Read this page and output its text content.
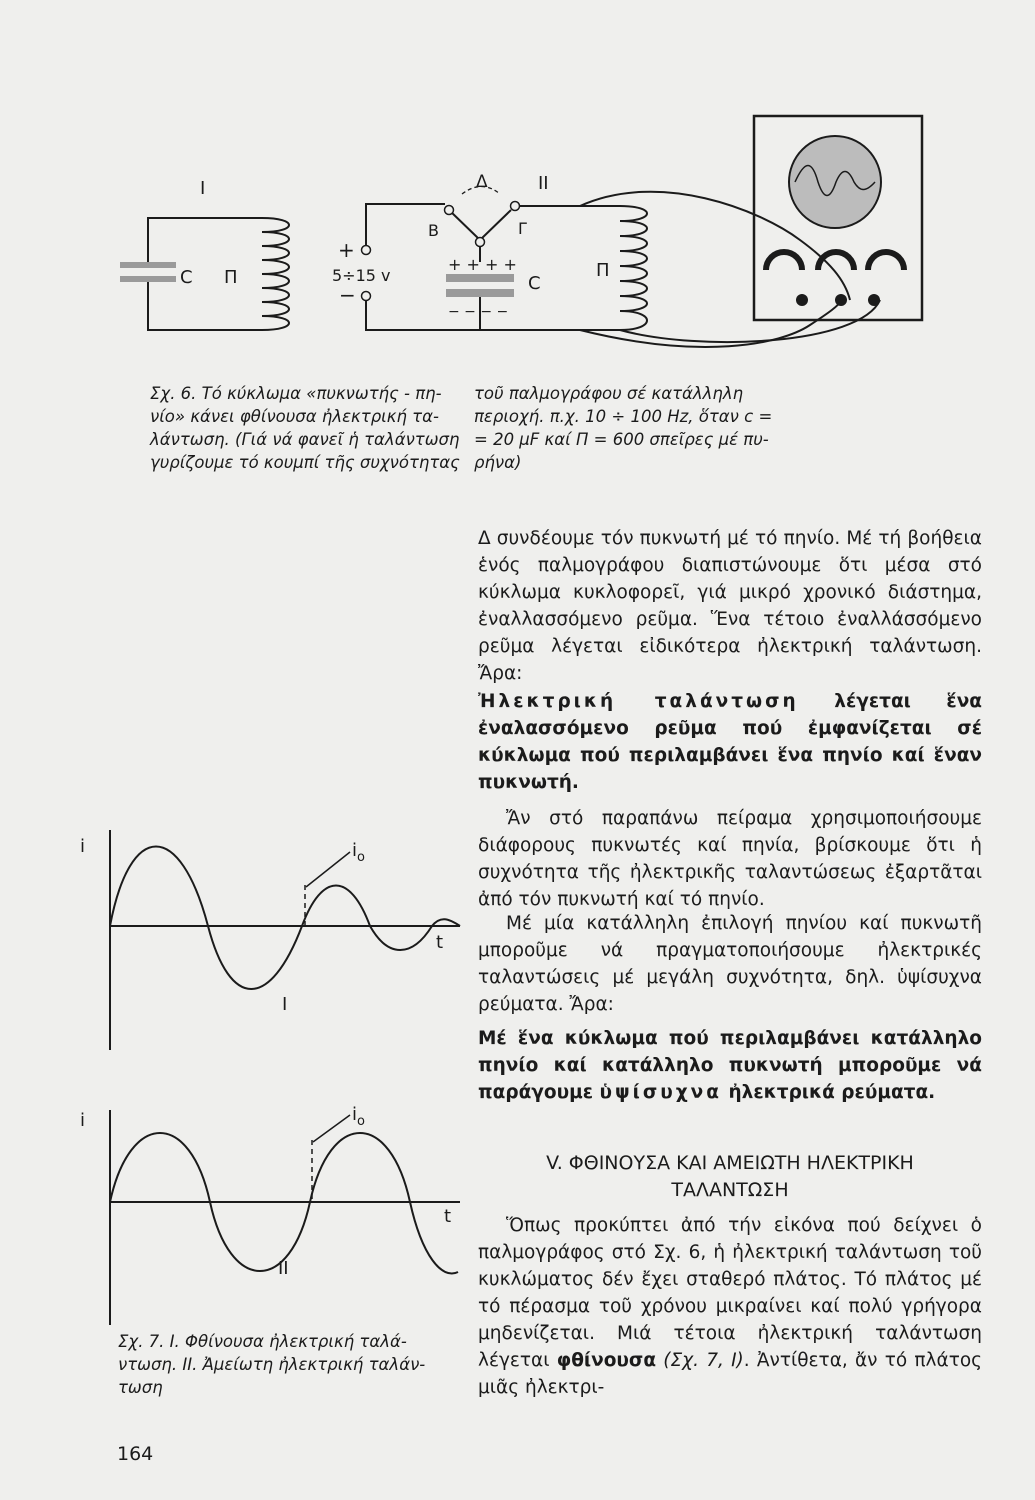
I	II
Δ
C Π
+
5÷15 v
−
B	Γ
+ + + +
− − − −
C
Π
Σχ. 6. Τό κύκλωμα «πυκνωτής - πη-
νίο» κάνει φθίνουσα ἠλεκτρική τα-
λάντωση. (Γιά νά φανεῖ ἡ ταλάντωση
γυρίζουμε τό κουμπί τῆς συχνότητας
τοῦ παλμογράφου σέ κατάλληλη
περιοχή. π.χ. 10 ÷ 100 Hz, ὅταν c =
= 20 μF καί Π = 600 σπεῖρες μέ πυ-
ρήνα)
i	$i_o$
t
I
i	$i_o$
t
II
Σχ. 7. Ι. Φθίνουσα ἠλεκτρική ταλά-
ντωση. ΙΙ. Ἀμείωτη ἠλεκτρική ταλάν-
τωση

Δ συνδέουμε τόν πυκνωτή μέ τό πηνίο. Μέ τή βοήθεια ἑνός παλμογράφου διαπιστώνουμε ὅτι μέσα στό κύκλωμα κυκλοφορεῖ, γιά μικρό χρονικό διάστημα, ἐναλλασσόμενο ρεῦμα. Ἕνα τέτοιο ἐναλλάσσόμενο ρεῦμα λέγεται εἰδικότερα ἠλεκτρική ταλάντωση. Ἄρα:

Ἠλεκτρική ταλάντωση λέγεται ἕνα ἐναλασσόμενο ρεῦμα πού ἐμφανίζεται σέ κύκλωμα πού περιλαμβάνει ἕνα πηνίο καί ἕναν πυκνωτή.

Ἄν στό παραπάνω πείραμα χρησιμοποιήσουμε διάφορους πυκνωτές καί πηνία, βρίσκουμε ὅτι ἡ συχνότητα τῆς ἠλεκτρικῆς ταλαντώσεως ἐξαρτᾶται ἀπό τόν πυκνωτή καί τό πηνίο.

Μέ μία κατάλληλη ἐπιλογή πηνίου καί πυκνωτῆ μποροῦμε νά πραγματοποιήσουμε ἠλεκτρικές ταλαντώσεις μέ μεγάλη συχνότητα, δηλ. ὑψίσυχνα ρεύματα. Ἄρα:

Μέ ἕνα κύκλωμα πού περιλαμβάνει κατάλληλο πηνίο καί κατάλληλο πυκνωτή μποροῦμε νά παράγουμε ὑψίσυχνα ἠλεκτρικά ρεύματα.

V. ΦΘΙΝΟΥΣΑ ΚΑΙ ΑΜΕΙΩΤΗ ΗΛΕΚΤΡΙΚΗ
ΤΑΛΑΝΤΩΣΗ

Ὅπως προκύπτει ἀπό τήν εἰκόνα πού δείχνει ὁ παλμογράφος στό Σχ. 6, ἡ ἠλεκτρική ταλάντωση τοῦ κυκλώματος δέν ἔχει σταθερό πλάτος. Τό πλάτος μέ τό πέρασμα τοῦ χρόνου μικραίνει καί πολύ γρήγορα μηδενίζεται. Μιά τέτοια ἠλεκτρική ταλάντωση λέγεται φθίνουσα (Σχ. 7, Ι). Ἀντίθετα, ἄν τό πλάτος μιᾶς ἠλεκτρι-

164
